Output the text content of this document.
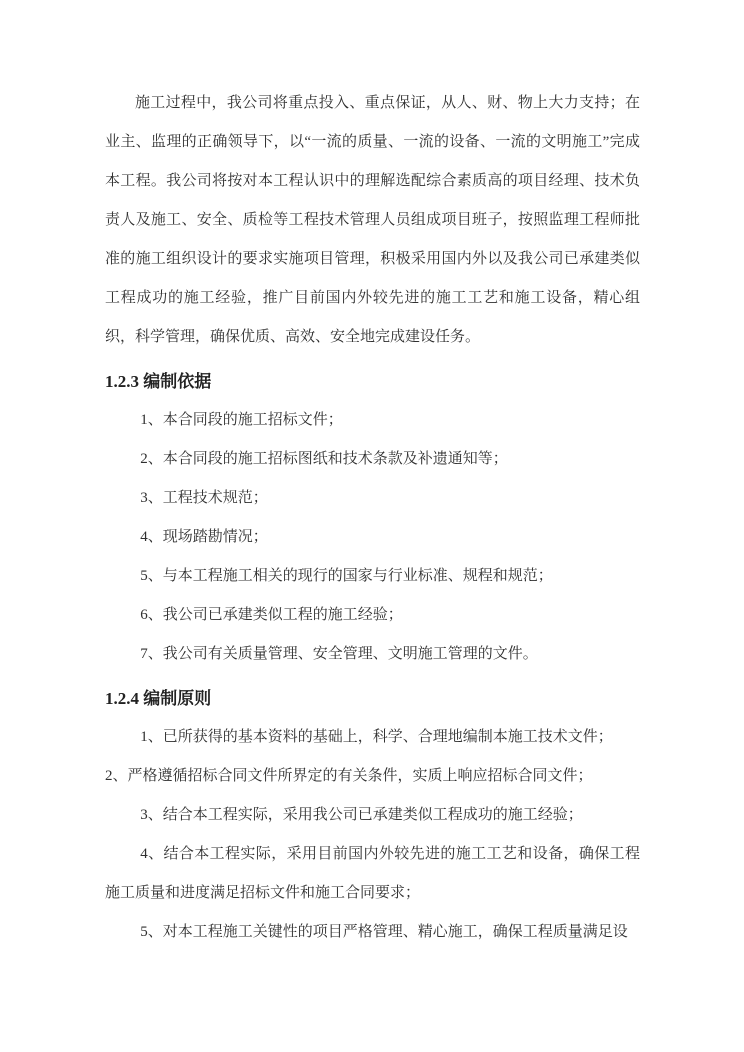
施工过程中，我公司将重点投入、重点保证，从人、财、物上大力支持；在业主、监理的正确领导下，以“一流的质量、一流的设备、一流的文明施工”完成本工程。我公司将按对本工程认识中的理解选配综合素质高的项目经理、技术负责人及施工、安全、质检等工程技术管理人员组成项目班子，按照监理工程师批准的施工组织设计的要求实施项目管理，积极采用国内外以及我公司已承建类似工程成功的施工经验，推广目前国内外较先进的施工工艺和施工设备，精心组织，科学管理，确保优质、高效、安全地完成建设任务。

1.2.3 编制依据

1、本合同段的施工招标文件；

2、本合同段的施工招标图纸和技术条款及补遗通知等；

3、工程技术规范；

4、现场踏勘情况；

5、与本工程施工相关的现行的国家与行业标准、规程和规范；

6、我公司已承建类似工程的施工经验；

7、我公司有关质量管理、安全管理、文明施工管理的文件。

1.2.4 编制原则

1、已所获得的基本资料的基础上，科学、合理地编制本施工技术文件；

2、严格遵循招标合同文件所界定的有关条件，实质上响应招标合同文件；

3、结合本工程实际，采用我公司已承建类似工程成功的施工经验；

4、结合本工程实际，采用目前国内外较先进的施工工艺和设备，确保工程施工质量和进度满足招标文件和施工合同要求；

5、对本工程施工关键性的项目严格管理、精心施工，确保工程质量满足设
